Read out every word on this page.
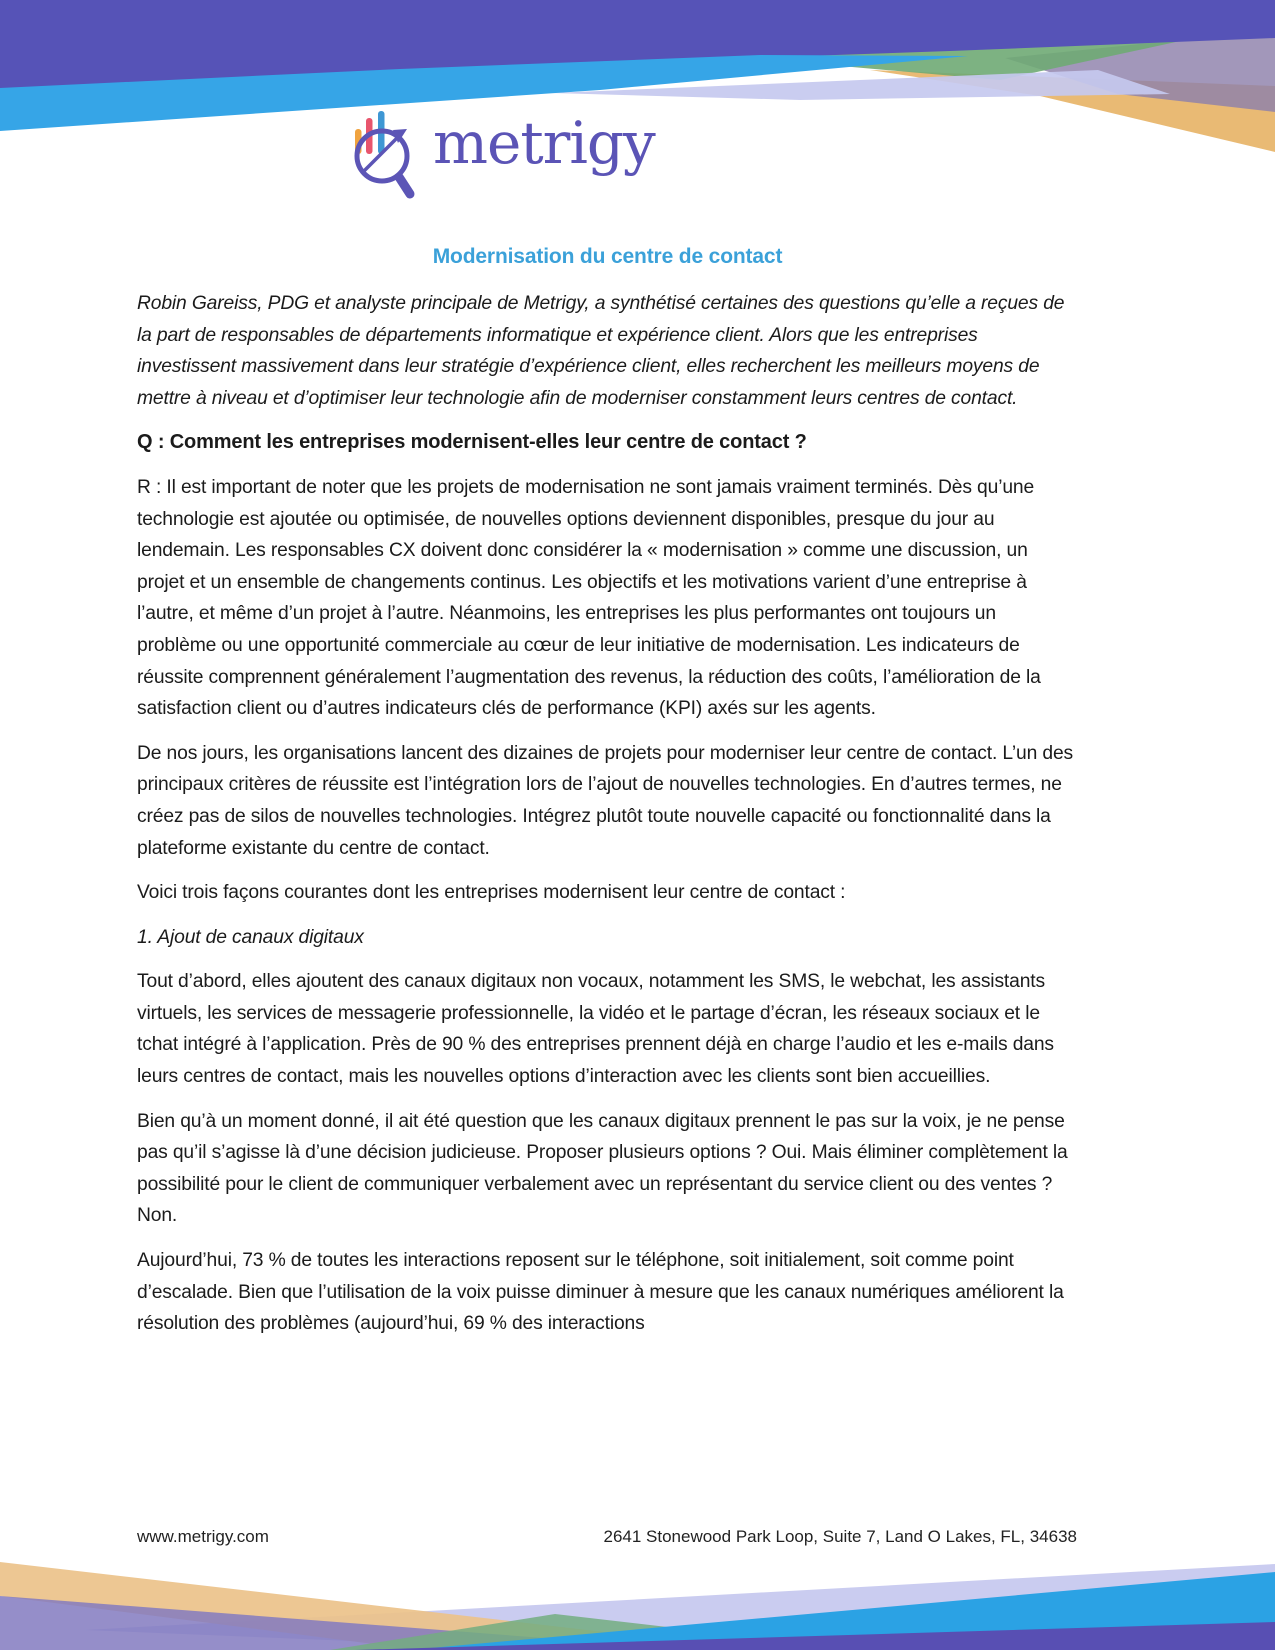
metrigy
Modernisation du centre de contact

Robin Gareiss, PDG et analyste principale de Metrigy, a synthétisé certaines des questions qu’elle a reçues de la part de responsables de départements informatique et expérience client. Alors que les entreprises investissent massivement dans leur stratégie d’expérience client, elles recherchent les meilleurs moyens de mettre à niveau et d’optimiser leur technologie afin de moderniser constamment leurs centres de contact.

Q : Comment les entreprises modernisent-elles leur centre de contact ?

R : Il est important de noter que les projets de modernisation ne sont jamais vraiment terminés. Dès qu’une technologie est ajoutée ou optimisée, de nouvelles options deviennent disponibles, presque du jour au lendemain. Les responsables CX doivent donc considérer la « modernisation » comme une discussion, un projet et un ensemble de changements continus. Les objectifs et les motivations varient d’une entreprise à l’autre, et même d’un projet à l’autre. Néanmoins, les entreprises les plus performantes ont toujours un problème ou une opportunité commerciale au cœur de leur initiative de modernisation. Les indicateurs de réussite comprennent généralement l’augmentation des revenus, la réduction des coûts, l’amélioration de la satisfaction client ou d’autres indicateurs clés de performance (KPI) axés sur les agents.

De nos jours, les organisations lancent des dizaines de projets pour moderniser leur centre de contact. L’un des principaux critères de réussite est l’intégration lors de l’ajout de nouvelles technologies. En d’autres termes, ne créez pas de silos de nouvelles technologies. Intégrez plutôt toute nouvelle capacité ou fonctionnalité dans la plateforme existante du centre de contact.

Voici trois façons courantes dont les entreprises modernisent leur centre de contact :

1. Ajout de canaux digitaux

Tout d’abord, elles ajoutent des canaux digitaux non vocaux, notamment les SMS, le webchat, les assistants virtuels, les services de messagerie professionnelle, la vidéo et le partage d’écran, les réseaux sociaux et le tchat intégré à l’application. Près de 90 % des entreprises prennent déjà en charge l’audio et les e-mails dans leurs centres de contact, mais les nouvelles options d’interaction avec les clients sont bien accueillies.

Bien qu’à un moment donné, il ait été question que les canaux digitaux prennent le pas sur la voix, je ne pense pas qu’il s’agisse là d’une décision judicieuse. Proposer plusieurs options ? Oui. Mais éliminer complètement la possibilité pour le client de communiquer verbalement avec un représentant du service client ou des ventes ? Non.

Aujourd’hui, 73 % de toutes les interactions reposent sur le téléphone, soit initialement, soit comme point d’escalade. Bien que l’utilisation de la voix puisse diminuer à mesure que les canaux numériques améliorent la résolution des problèmes (aujourd’hui, 69 % des interactions

www.metrigy.com	2641 Stonewood Park Loop, Suite 7, Land O Lakes, FL, 34638
